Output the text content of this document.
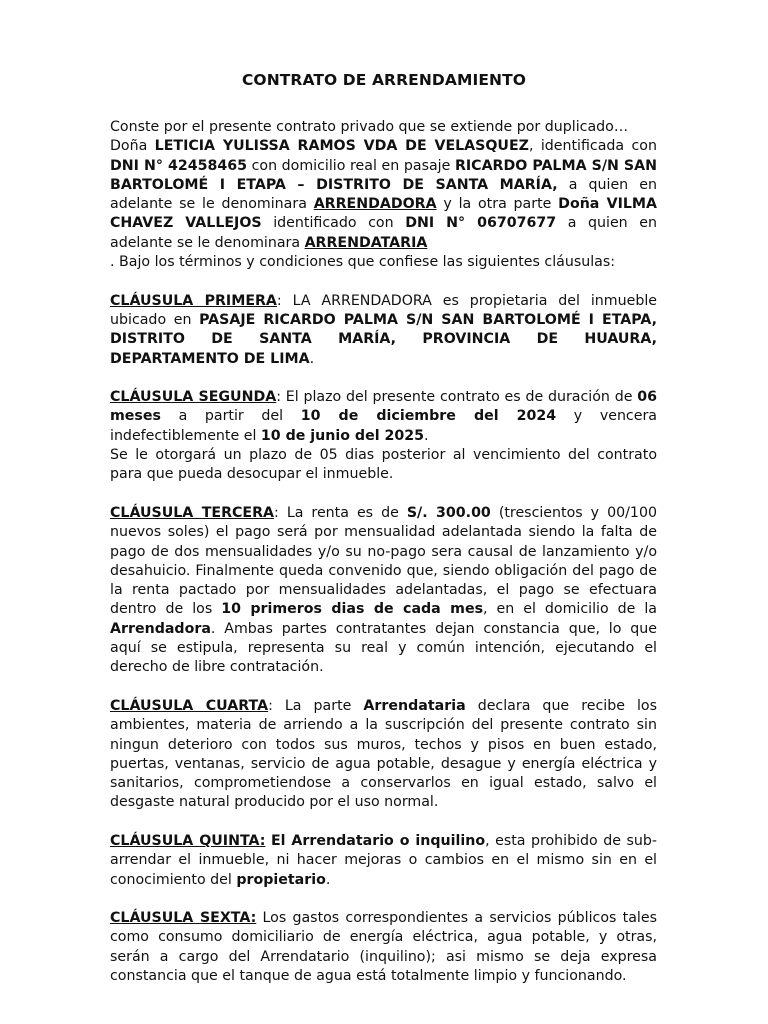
CONTRATO DE ARRENDAMIENTO

Conste por el presente contrato privado que se extiende por duplicado…
Doña LETICIA YULISSA RAMOS VDA DE VELASQUEZ, identificada con DNI N° 42458465 con domicilio real en pasaje RICARDO PALMA S/N SAN BARTOLOMÉ I ETAPA – DISTRITO DE SANTA MARÍA, a quien en adelante se le denominara ARRENDADORA y la otra parte Doña VILMA CHAVEZ VALLEJOS identificado con DNI N° 06707677 a quien en adelante se le denominara ARRENDATARIA
. Bajo los términos y condiciones que confiese las siguientes cláusulas:

CLÁUSULA PRIMERA: LA ARRENDADORA es propietaria del inmueble ubicado en PASAJE RICARDO PALMA S/N SAN BARTOLOMÉ I ETAPA, DISTRITO DE SANTA MARÍA, PROVINCIA DE HUAURA, DEPARTAMENTO DE LIMA.

CLÁUSULA SEGUNDA: El plazo del presente contrato es de duración de 06 meses a partir del 10 de diciembre del 2024 y vencera indefectiblemente el 10 de junio del 2025.
Se le otorgará un plazo de 05 dias posterior al vencimiento del contrato para que pueda desocupar el inmueble.

CLÁUSULA TERCERA: La renta es de S/. 300.00 (trescientos y 00/100 nuevos soles) el pago será por mensualidad adelantada siendo la falta de pago de dos mensualidades y/o su no-pago sera causal de lanzamiento y/o desahuicio. Finalmente queda convenido que, siendo obligación del pago de la renta pactado por mensualidades adelantadas, el pago se efectuara dentro de los 10 primeros dias de cada mes, en el domicilio de la Arrendadora. Ambas partes contratantes dejan constancia que, lo que aquí se estipula, representa su real y común intención, ejecutando el derecho de libre contratación.

CLÁUSULA CUARTA: La parte Arrendataria declara que recibe los ambientes, materia de arriendo a la suscripción del presente contrato sin ningun deterioro con todos sus muros, techos y pisos en buen estado, puertas, ventanas, servicio de agua potable, desague y energía eléctrica y sanitarios, comprometiendose a conservarlos en igual estado, salvo el desgaste natural producido por el uso normal.

CLÁUSULA QUINTA: El Arrendatario o inquilino, esta prohibido de sub-arrendar el inmueble, ni hacer mejoras o cambios en el mismo sin en el conocimiento del propietario.

CLÁUSULA SEXTA: Los gastos correspondientes a servicios públicos tales como consumo domiciliario de energía eléctrica, agua potable, y otras, serán a cargo del Arrendatario (inquilino); asi mismo se deja expresa constancia que el tanque de agua está totalmente limpio y funcionando.
